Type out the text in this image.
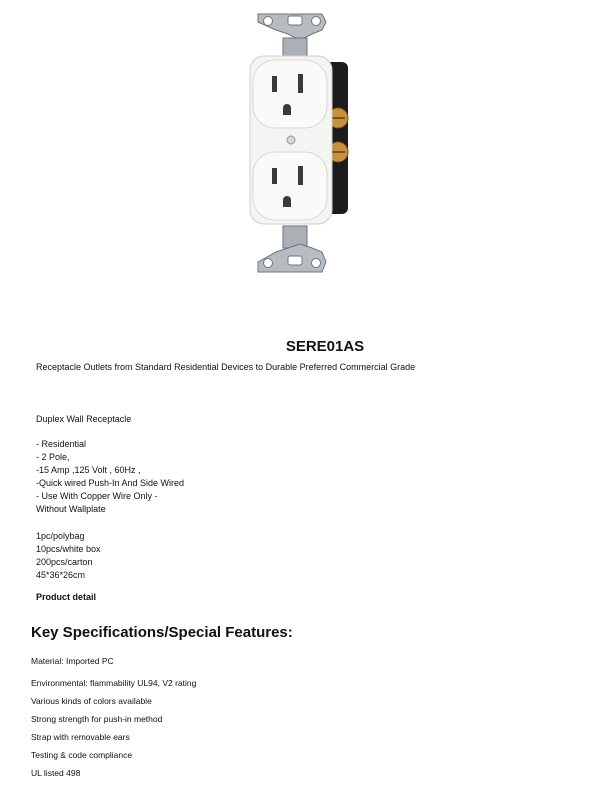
SERE01AS

Receptacle Outlets from Standard Residential Devices to Durable Preferred Commercial Grade

Duplex Wall Receptacle

- Residential

- 2 Pole,

-15 Amp ,125 Volt , 60Hz ,

-Quick wired Push-In And Side Wired

- Use With Copper Wire Only -

Without Wallplate

1pc/polybag

10pcs/white box

200pcs/carton

45*36*26cm

Product detail

Key Specifications/Special Features:

Material: Imported PC

Environmental: flammability UL94, V2 rating

Various kinds of colors available

Strong strength for push-in method

Strap with removable ears

Testing & code compliance

UL listed 498
